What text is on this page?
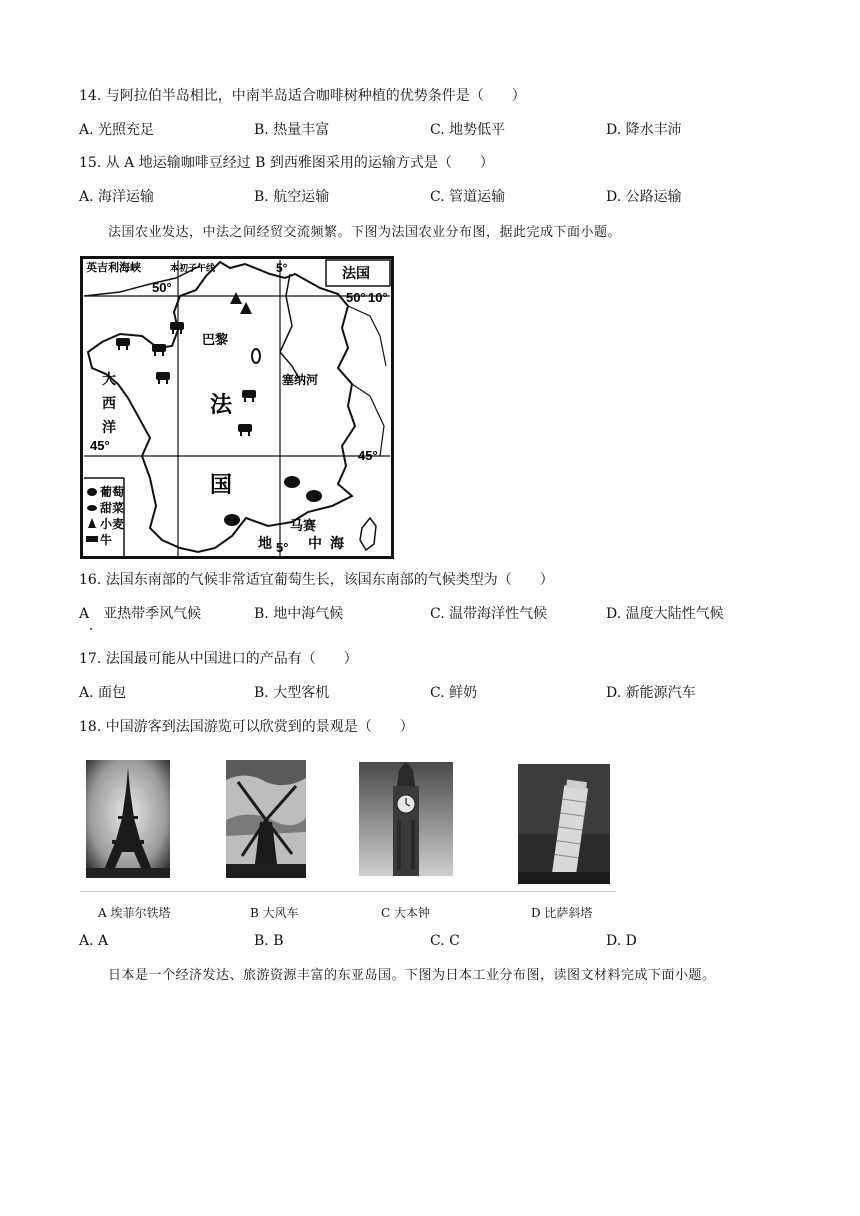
14. 与阿拉伯半岛相比，中南半岛适合咖啡树种植的优势条件是（　　）
A. 光照充足	B. 热量丰富	C. 地势低平	D. 降水丰沛
15. 从 A 地运输咖啡豆经过 B 到西雅图采用的运输方式是（　　）
A. 海洋运输	B. 航空运输	C. 管道运输	D. 公路运输
法国农业发达，中法之间经贸交流频繁。下图为法国农业分布图，据此完成下面小题。
法国
英吉利海峡	本初子午线	5°
50°
50° 10°
45°
45°
5°
巴黎
塞纳河
马赛
大
西
洋
法
国
地	中 海
葡萄
甜菜
小麦
牛
16. 法国东南部的气候非常适宜葡萄生长，该国东南部的气候类型为（　　）
A　亚热带季风气候	B. 地中海气候	C. 温带海洋性气候	D. 温度大陆性气候
17. 法国最可能从中国进口的产品有（　　）
A. 面包	B. 大型客机	C. 鲜奶	D. 新能源汽车
18. 中国游客到法国游览可以欣赏到的景观是（　　）
A 埃菲尔铁塔	B 大风车	C 大本钟	D 比萨斜塔
A. A	B. B	C. C	D. D
日本是一个经济发达、旅游资源丰富的东亚岛国。下图为日本工业分布图，读图文材料完成下面小题。
